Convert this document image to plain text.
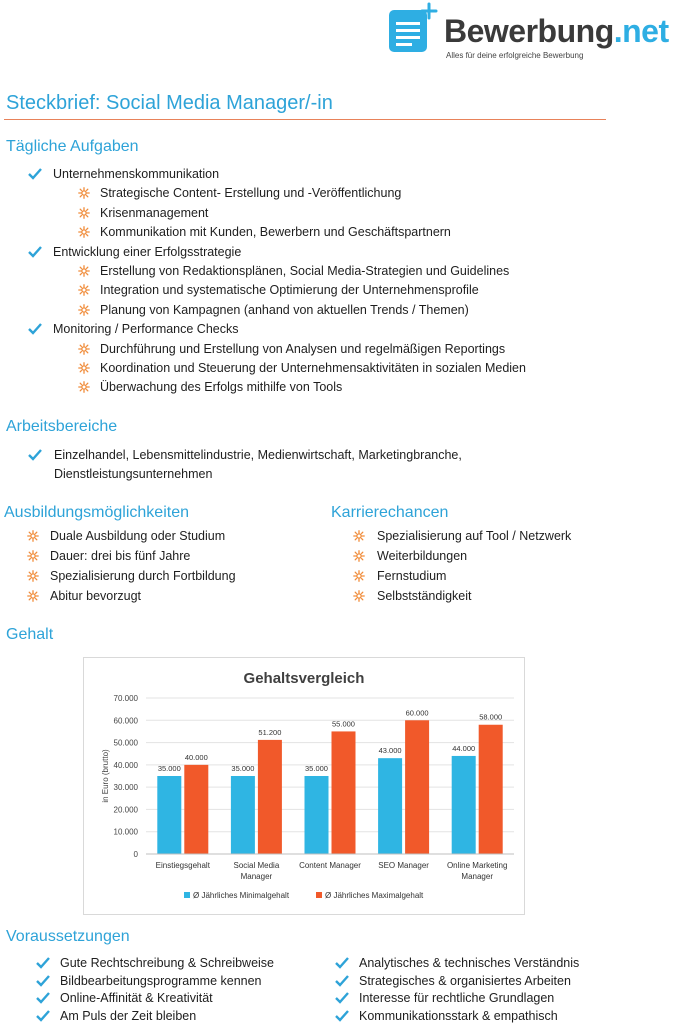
Bewerbung.net
Alles für deine erfolgreiche Bewerbung
Steckbrief: Social Media Manager/-in
Tägliche Aufgaben
Unternehmenskommunikation
Strategische Content- Erstellung und -Veröffentlichung
Krisenmanagement
Kommunikation mit Kunden, Bewerbern und Geschäftspartnern
Entwicklung einer Erfolgsstrategie
Erstellung von Redaktionsplänen, Social Media-Strategien und Guidelines
Integration und systematische Optimierung der Unternehmensprofile
Planung von Kampagnen (anhand von aktuellen Trends / Themen)
Monitoring / Performance Checks
Durchführung und Erstellung von Analysen und regelmäßigen Reportings
Koordination und Steuerung der Unternehmensaktivitäten in sozialen Medien
Überwachung des Erfolgs mithilfe von Tools
Arbeitsbereiche
Einzelhandel, Lebensmittelindustrie, Medienwirtschaft, Marketingbranche,
Dienstleistungsunternehmen
Ausbildungsmöglichkeiten	Karrierechancen
Duale Ausbildung oder Studium
Dauer: drei bis fünf Jahre
Spezialisierung durch Fortbildung
Abitur bevorzugt
Spezialisierung auf Tool / Netzwerk
Weiterbildungen
Fernstudium
Selbstständigkeit
Gehalt
Gehaltsvergleich
0
10.000
20.000
30.000
40.000
50.000
60.000
70.000
in Euro (brutto)	35.000
40.000
Einstiegsgehalt
35.000
51.200
Social Media
Manager
35.000
55.000
Content Manager
43.000
60.000
SEO Manager
44.000
58.000
Online Marketing
Manager
Ø Jährliches Minimalgehalt	Ø Jährliches Maximalgehalt
Voraussetzungen
Gute Rechtschreibung & Schreibweise
Bildbearbeitungsprogramme kennen
Online-Affinität & Kreativität
Am Puls der Zeit bleiben
Analytisches & technisches Verständnis
Strategisches & organisiertes Arbeiten
Interesse für rechtliche Grundlagen
Kommunikationsstark & empathisch
